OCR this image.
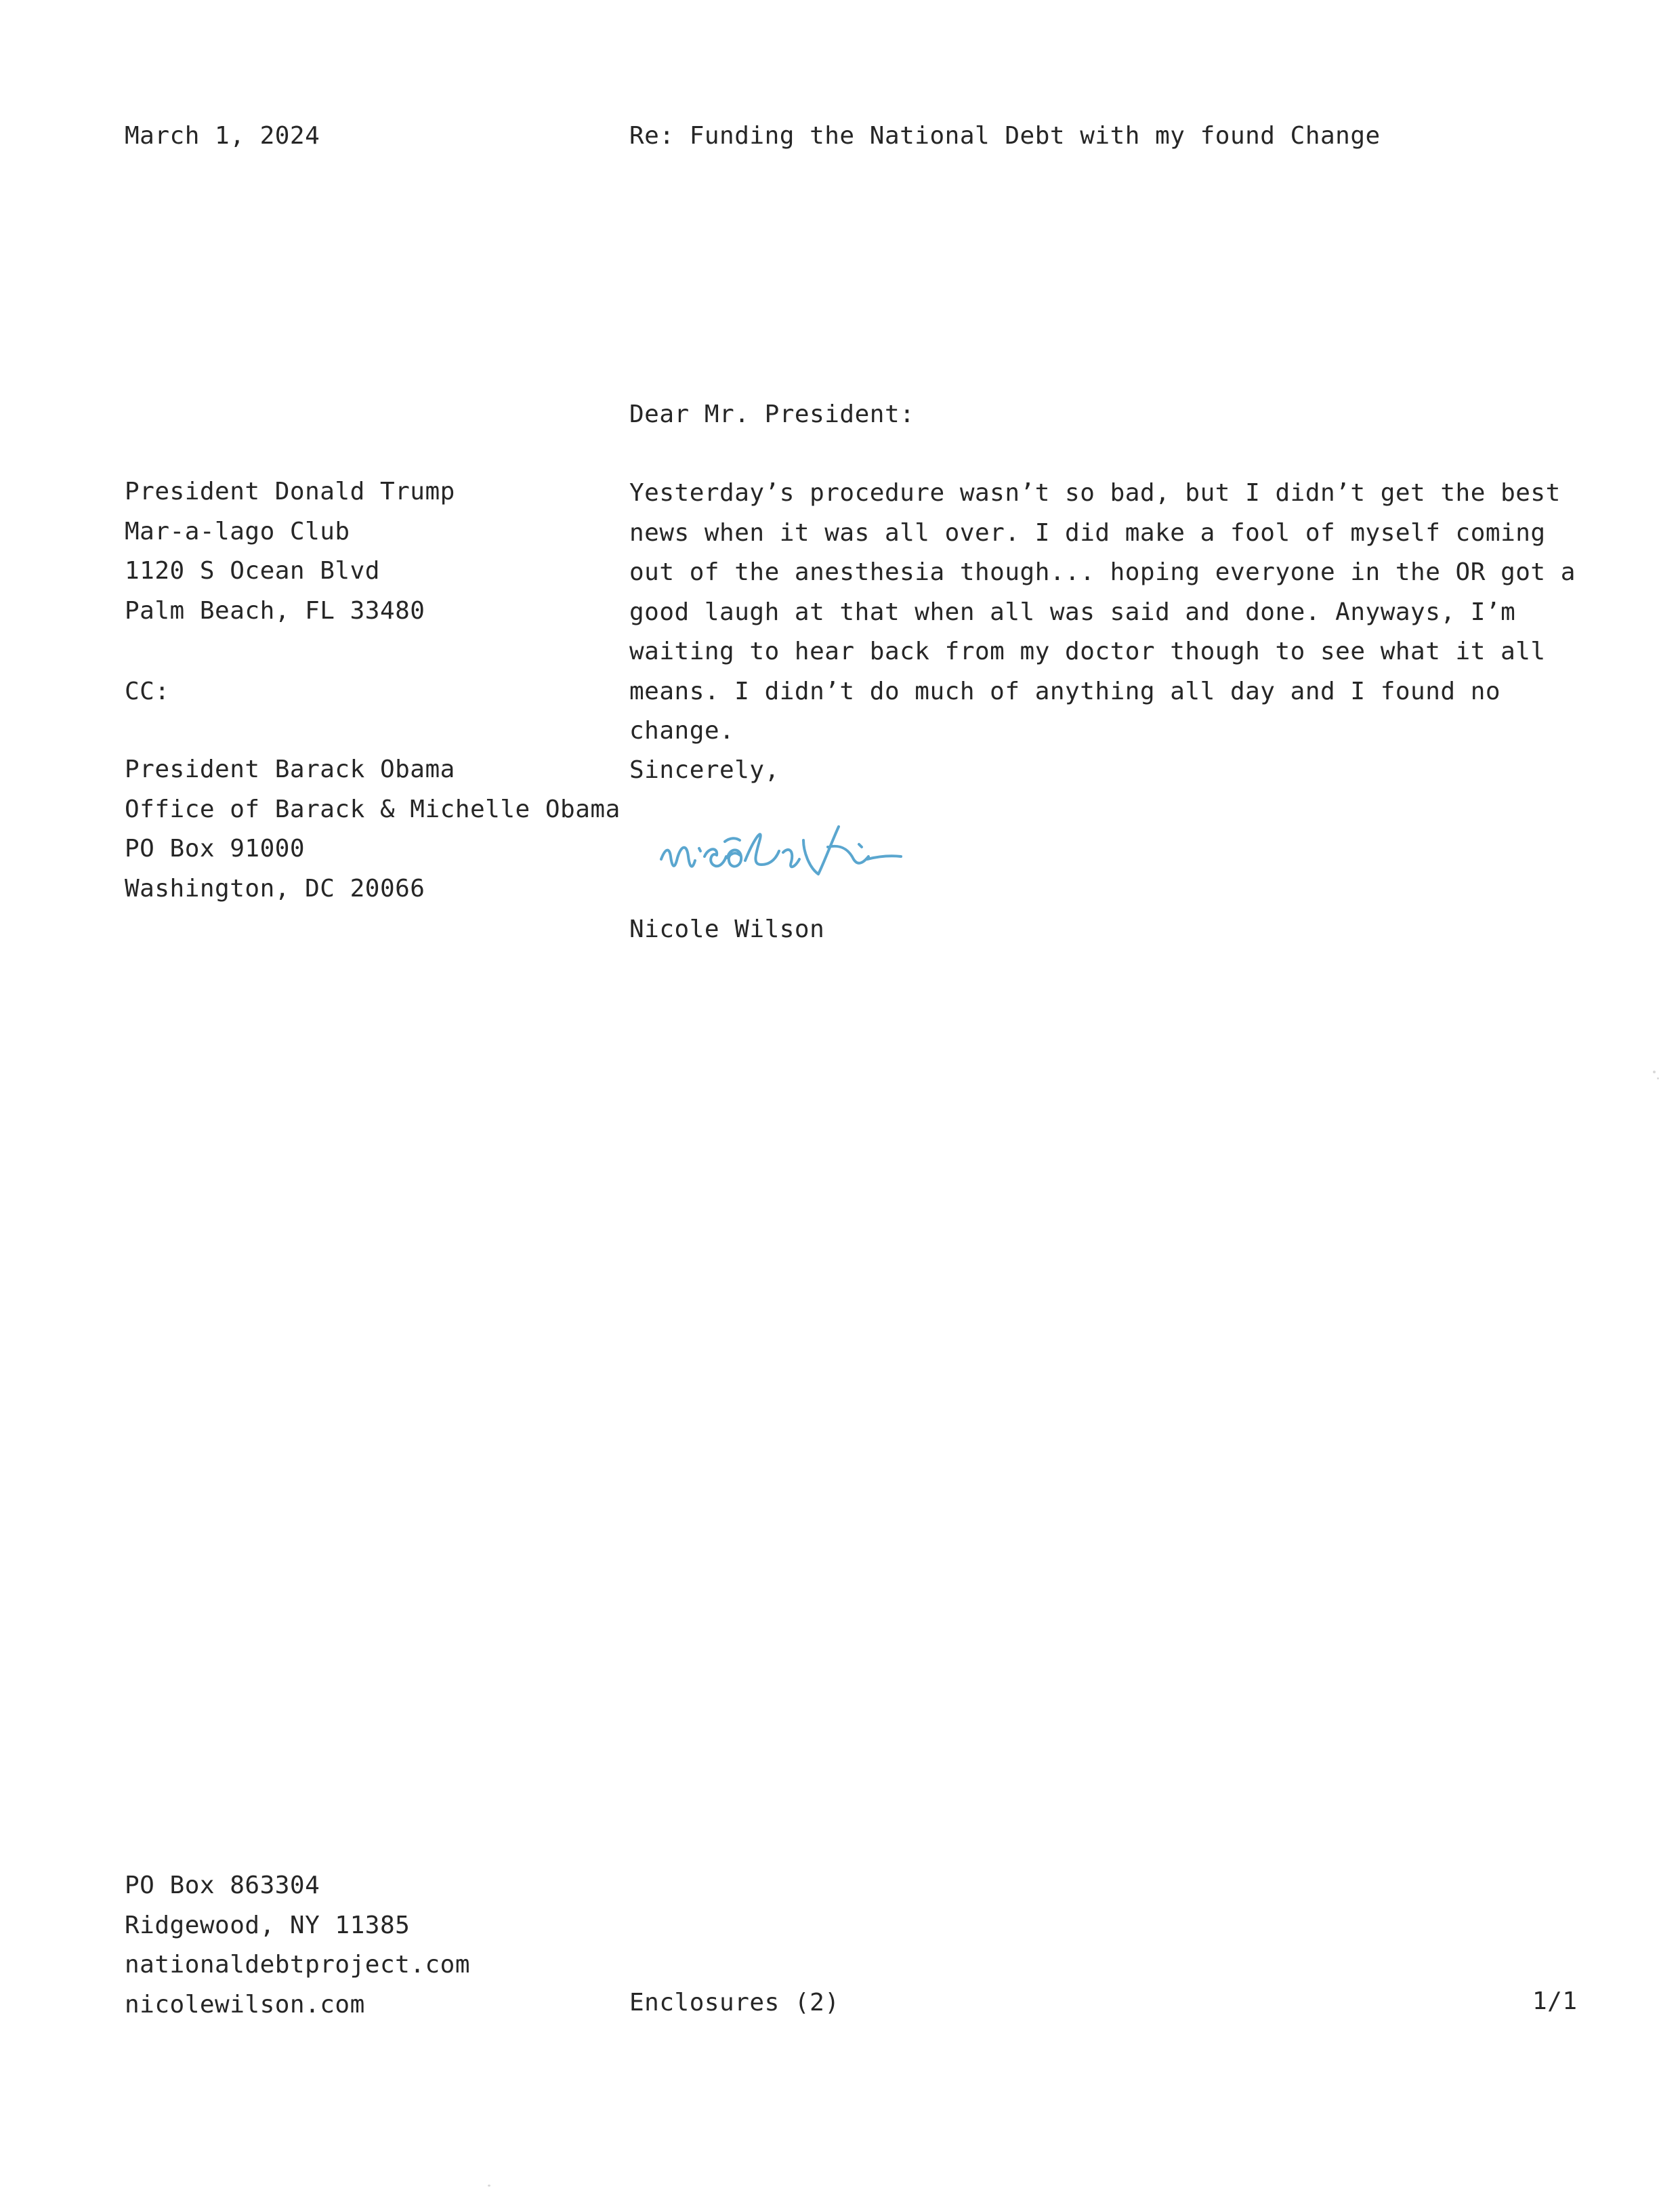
March 1, 2024	Re: Funding the National Debt with my found Change

Dear Mr. President:

President Donald Trump
Mar-a-lago Club
1120 S Ocean Blvd
Palm Beach, FL 33480

CC:

President Barack Obama
Office of Barack & Michelle Obama
PO Box 91000
Washington, DC 20066

Yesterday’s procedure wasn’t so bad, but I didn’t get the best news when it was all over. I did make a fool of myself coming out of the anesthesia though... hoping everyone in the OR got a good laugh at that when all was said and done. Anyways, I’m waiting to hear back from my doctor though to see what it all means. I didn’t do much of anything all day and I found no change.

Sincerely,

Nicole Wilson

PO Box 863304
Ridgewood, NY 11385
nationaldebtproject.com
nicolewilson.com	Enclosures (2)	1/1
